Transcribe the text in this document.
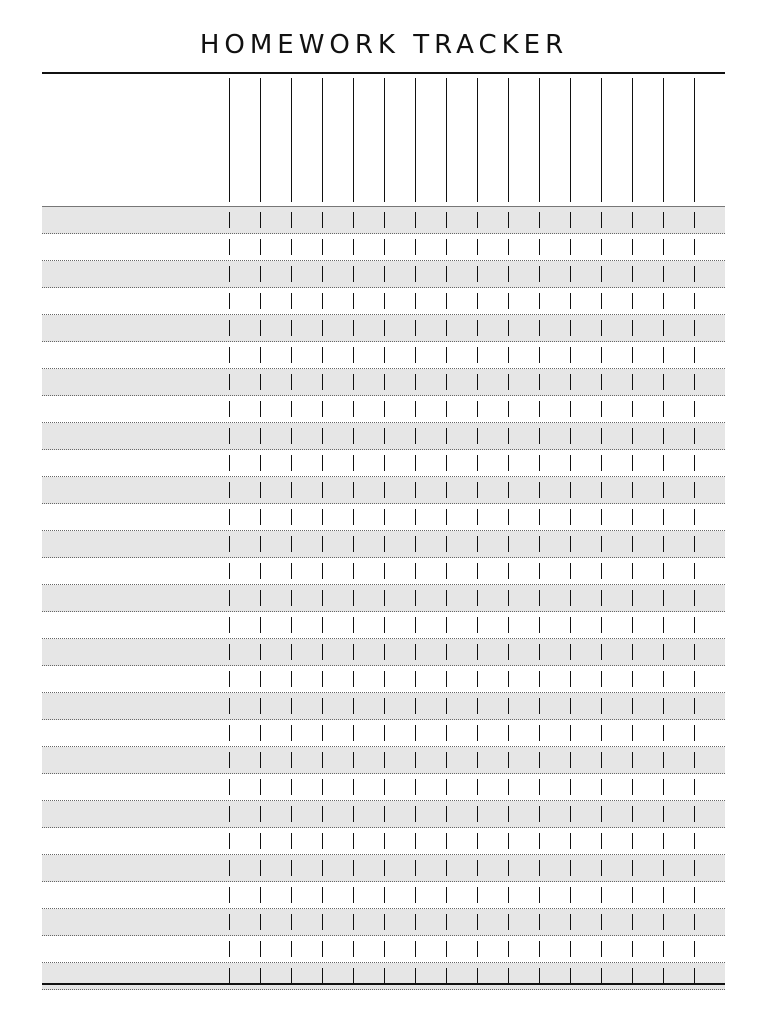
HOMEWORK TRACKER
